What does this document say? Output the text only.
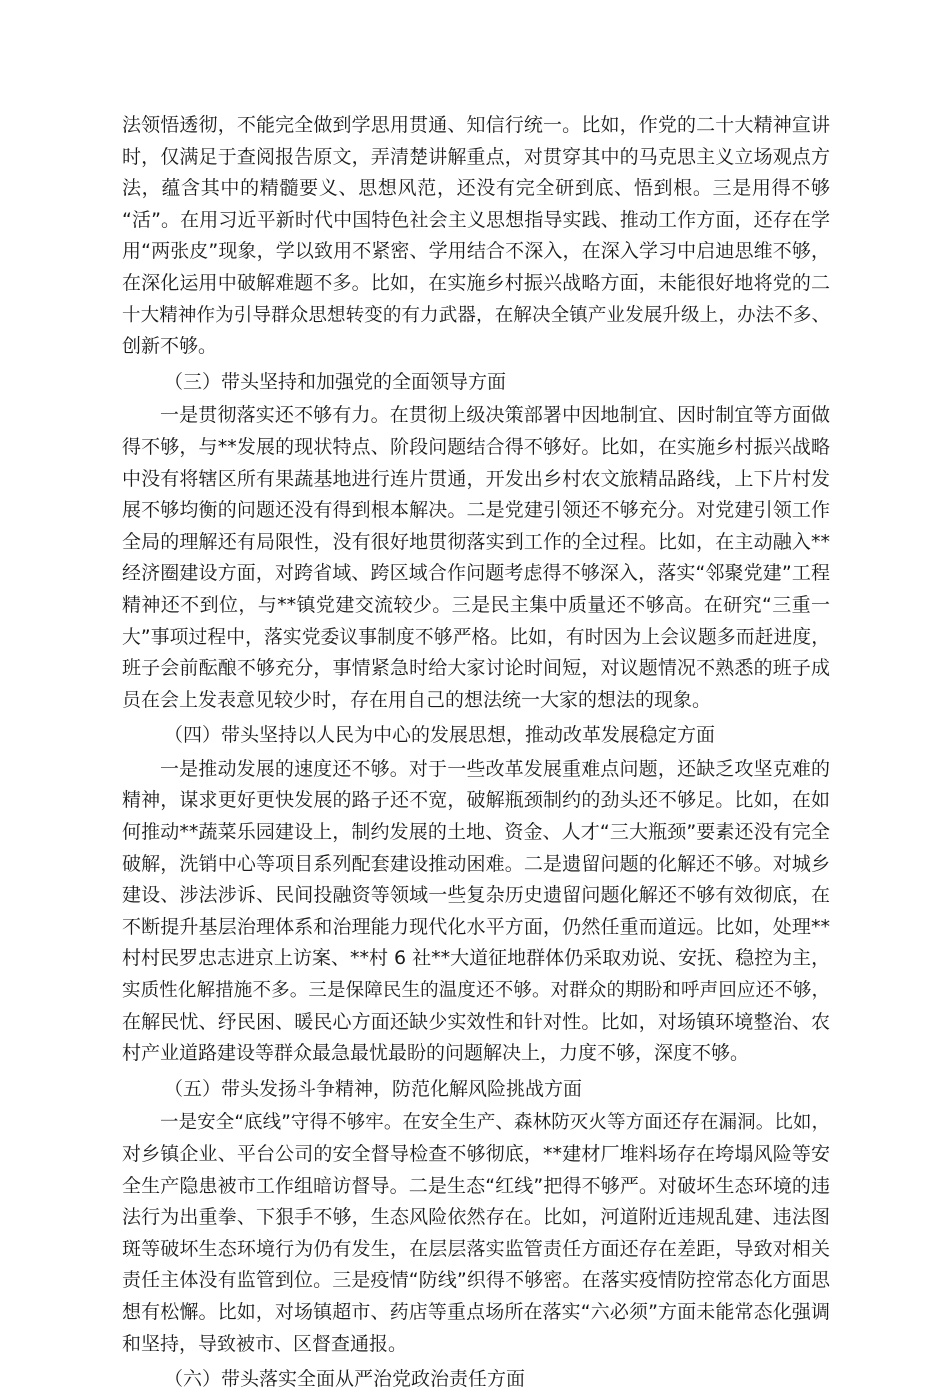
法领悟透彻，不能完全做到学思用贯通、知信行统一。比如，作党的二十大精神宣讲
时，仅满足于查阅报告原文，弄清楚讲解重点，对贯穿其中的马克思主义立场观点方
法，蕴含其中的精髓要义、思想风范，还没有完全研到底、悟到根。三是用得不够
“活”。在用习近平新时代中国特色社会主义思想指导实践、推动工作方面，还存在学
用“两张皮”现象，学以致用不紧密、学用结合不深入，在深入学习中启迪思维不够，
在深化运用中破解难题不多。比如，在实施乡村振兴战略方面，未能很好地将党的二
十大精神作为引导群众思想转变的有力武器，在解决全镇产业发展升级上，办法不多、
创新不够。

（三）带头坚持和加强党的全面领导方面

一是贯彻落实还不够有力。在贯彻上级决策部署中因地制宜、因时制宜等方面做
得不够，与**发展的现状特点、阶段问题结合得不够好。比如，在实施乡村振兴战略
中没有将辖区所有果蔬基地进行连片贯通，开发出乡村农文旅精品路线，上下片村发
展不够均衡的问题还没有得到根本解决。二是党建引领还不够充分。对党建引领工作
全局的理解还有局限性，没有很好地贯彻落实到工作的全过程。比如，在主动融入**
经济圈建设方面，对跨省域、跨区域合作问题考虑得不够深入，落实“邻聚党建”工程
精神还不到位，与**镇党建交流较少。三是民主集中质量还不够高。在研究“三重一
大”事项过程中，落实党委议事制度不够严格。比如，有时因为上会议题多而赶进度，
班子会前酝酿不够充分，事情紧急时给大家讨论时间短，对议题情况不熟悉的班子成
员在会上发表意见较少时，存在用自己的想法统一大家的想法的现象。

（四）带头坚持以人民为中心的发展思想，推动改革发展稳定方面

一是推动发展的速度还不够。对于一些改革发展重难点问题，还缺乏攻坚克难的
精神，谋求更好更快发展的路子还不宽，破解瓶颈制约的劲头还不够足。比如，在如
何推动**蔬菜乐园建设上，制约发展的土地、资金、人才“三大瓶颈”要素还没有完全
破解，洗销中心等项目系列配套建设推动困难。二是遗留问题的化解还不够。对城乡
建设、涉法涉诉、民间投融资等领域一些复杂历史遗留问题化解还不够有效彻底，在
不断提升基层治理体系和治理能力现代化水平方面，仍然任重而道远。比如，处理**
村村民罗忠志进京上访案、**村 6 社**大道征地群体仍采取劝说、安抚、稳控为主，
实质性化解措施不多。三是保障民生的温度还不够。对群众的期盼和呼声回应还不够，
在解民忧、纾民困、暖民心方面还缺少实效性和针对性。比如，对场镇环境整治、农
村产业道路建设等群众最急最忧最盼的问题解决上，力度不够，深度不够。

（五）带头发扬斗争精神，防范化解风险挑战方面

一是安全“底线”守得不够牢。在安全生产、森林防灭火等方面还存在漏洞。比如，
对乡镇企业、平台公司的安全督导检查不够彻底，**建材厂堆料场存在垮塌风险等安
全生产隐患被市工作组暗访督导。二是生态“红线”把得不够严。对破坏生态环境的违
法行为出重拳、下狠手不够，生态风险依然存在。比如，河道附近违规乱建、违法图
斑等破坏生态环境行为仍有发生，在层层落实监管责任方面还存在差距，导致对相关
责任主体没有监管到位。三是疫情“防线”织得不够密。在落实疫情防控常态化方面思
想有松懈。比如，对场镇超市、药店等重点场所在落实“六必须”方面未能常态化强调
和坚持，导致被市、区督查通报。

（六）带头落实全面从严治党政治责任方面
